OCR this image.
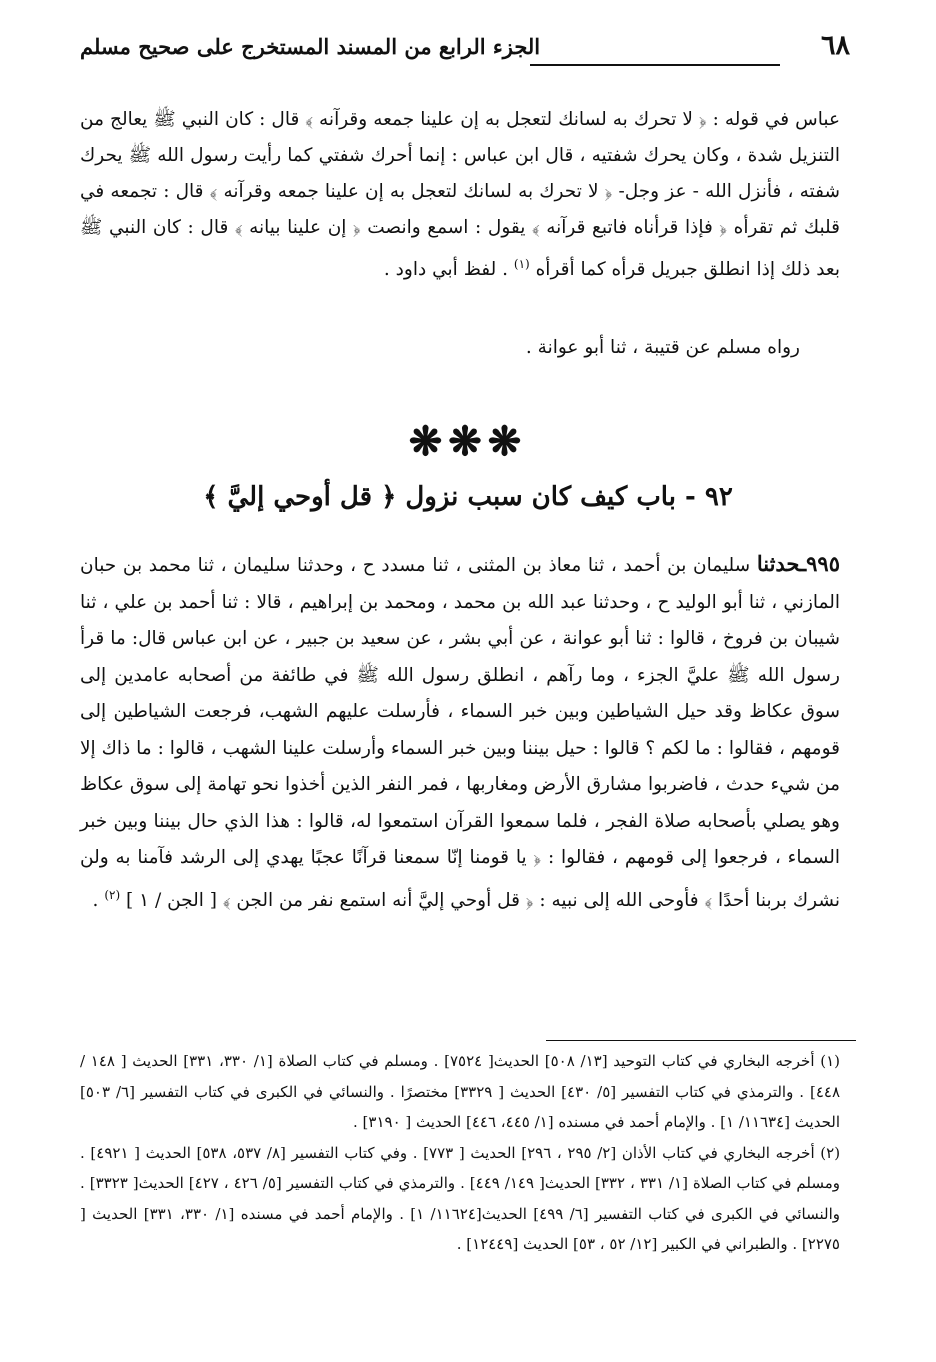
٦٨
الجزء الرابع من المسند المستخرج على صحيح مسلم

عباس في قوله : ﴿ لا تحرك به لسانك لتعجل به إن علينا جمعه وقرآنه ﴾ قال : كان النبي ﷺ يعالج من التنزيل شدة ، وكان يحرك شفتيه ، قال ابن عباس : إنما أحرك شفتي كما رأيت رسول الله ﷺ يحرك شفته ، فأنزل الله - عز وجل- ﴿ لا تحرك به لسانك لتعجل به إن علينا جمعه وقرآنه ﴾ قال : تجمعه في قلبك ثم تقرأه ﴿ فإذا قرأناه فاتبع قرآنه ﴾ يقول : اسمع وانصت ﴿ إن علينا بيانه ﴾ قال : كان النبي ﷺ بعد ذلك إذا انطلق جبريل قرأه كما أقرأه $^{(١)}$ . لفظ أبي داود .

رواه مسلم عن قتيبة ، ثنا أبو عوانة .
❋❋❋
٩٢ - باب كيف كان سبب نزول ﴿ قل أوحي إليَّ ﴾
٩٩٥ـحدثنا سليمان بن أحمد ، ثنا معاذ بن المثنى ، ثنا مسدد ح ، وحدثنا سليمان ، ثنا محمد بن حبان المازني ، ثنا أبو الوليد ح ، وحدثنا عبد الله بن محمد ، ومحمد بن إبراهيم ، قالا : ثنا أحمد بن علي ، ثنا شيبان بن فروخ ، قالوا : ثنا أبو عوانة ، عن أبي بشر ، عن سعيد بن جبير ، عن ابن عباس قال: ما قرأ رسول الله ﷺ عليَّ الجزء ، وما رآهم ، انطلق رسول الله ﷺ في طائفة من أصحابه عامدين إلى سوق عكاظ وقد حيل الشياطين وبين خبر السماء ، فأرسلت عليهم الشهب، فرجعت الشياطين إلى قومهم ، فقالوا : ما لكم ؟ قالوا : حيل بيننا وبين خبر السماء وأرسلت علينا الشهب ، قالوا : ما ذاك إلا من شيء حدث ، فاضربوا مشارق الأرض ومغاربها ، فمر النفر الذين أخذوا نحو تهامة إلى سوق عكاظ وهو يصلي بأصحابه صلاة الفجر ، فلما سمعوا القرآن استمعوا له، قالوا : هذا الذي حال بيننا وبين خبر السماء ، فرجعوا إلى قومهم ، فقالوا : ﴿ يا قومنا إنّا سمعنا قرآنًا عجبًا يهدي إلى الرشد فآمنا به ولن نشرك بربنا أحدًا ﴾ فأوحى الله إلى نبيه : ﴿ قل أوحي إليَّ أنه استمع نفر من الجن ﴾ [ الجن / ١ ] $^{(٢)}$ .

(١) أخرجه البخاري في كتاب التوحيد [١٣/ ٥٠٨] الحديث[ ٧٥٢٤] . ومسلم في كتاب الصلاة [١/ ٣٣٠، ٣٣١] الحديث [ ١٤٨ /٤٤٨] . والترمذي في كتاب التفسير [٥/ ٤٣٠] الحديث [ ٣٣٢٩] مختصرًا . والنسائي في الكبرى في كتاب التفسير [٦/ ٥٠٣] الحديث [١١٦٣٤/ ١] . والإمام أحمد في مسنده [١/ ٤٤٥، ٤٤٦] الحديث [ ٣١٩٠] .

(٢) أخرجه البخاري في كتاب الأذان [٢/ ٢٩٥ ، ٢٩٦] الحديث [ ٧٧٣] . وفي كتاب التفسير [٨/ ٥٣٧، ٥٣٨] الحديث [ ٤٩٢١] . ومسلم في كتاب الصلاة [١/ ٣٣١ ، ٣٣٢] الحديث[ ١٤٩/ ٤٤٩] . والترمذي في كتاب التفسير [٥/ ٤٢٦ ، ٤٢٧] الحديث[ ٣٣٢٣] . والنسائي في الكبرى في كتاب التفسير [٦/ ٤٩٩] الحديث[١١٦٢٤/ ١] . والإمام أحمد في مسنده [١/ ٣٣٠، ٣٣١] الحديث [ ٢٢٧٥] . والطبراني في الكبير [١٢/ ٥٢ ، ٥٣] الحديث [١٢٤٤٩] .
